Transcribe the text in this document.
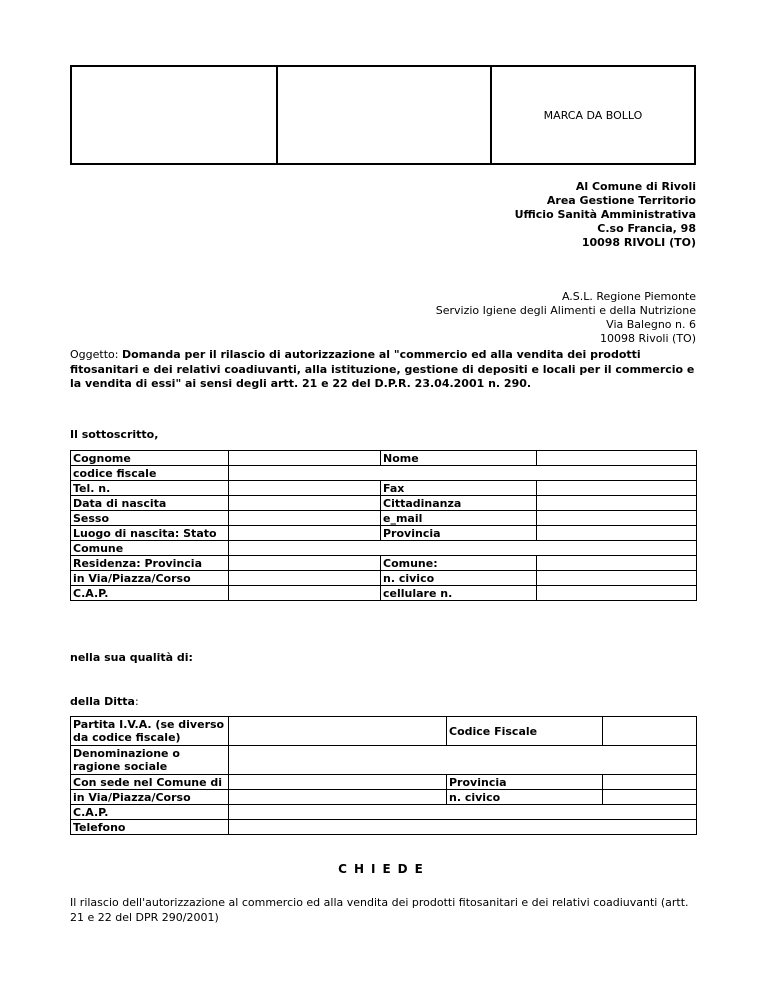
MARCA DA BOLLO
Al Comune di Rivoli
Area Gestione Territorio
Ufficio Sanità Amministrativa
C.so Francia, 98
10098 RIVOLI (TO)
A.S.L. Regione Piemonte
Servizio Igiene degli Alimenti e della Nutrizione
Via Balegno n. 6
10098 Rivoli (TO)
Oggetto: Domanda per il rilascio di autorizzazione al "commercio ed alla vendita dei prodotti fitosanitari e dei relativi coadiuvanti, alla istituzione, gestione di depositi e locali per il commercio e la vendita di essi" ai sensi degli artt. 21 e 22 del D.P.R. 23.04.2001 n. 290.
Il sottoscritto,
Cognome		Nome	
codice fiscale			
Tel. n.		Fax	
Data di nascita		Cittadinanza	
Sesso		e_mail	
Luogo di nascita: Stato		Provincia	
Comune			
Residenza: Provincia		Comune:	
in Via/Piazza/Corso		n. civico	
C.A.P.		cellulare n.	
nella sua qualità di:
della Ditta:
Partita I.V.A. (se diverso da codice fiscale)		Codice Fiscale	
Denominazione o ragione sociale			
Con sede nel Comune di		Provincia	
in Via/Piazza/Corso		n. civico	
C.A.P.			
Telefono			
CHIEDE
Il rilascio dell'autorizzazione al commercio ed alla vendita dei prodotti fitosanitari e dei relativi coadiuvanti (artt. 21 e 22 del DPR 290/2001)
